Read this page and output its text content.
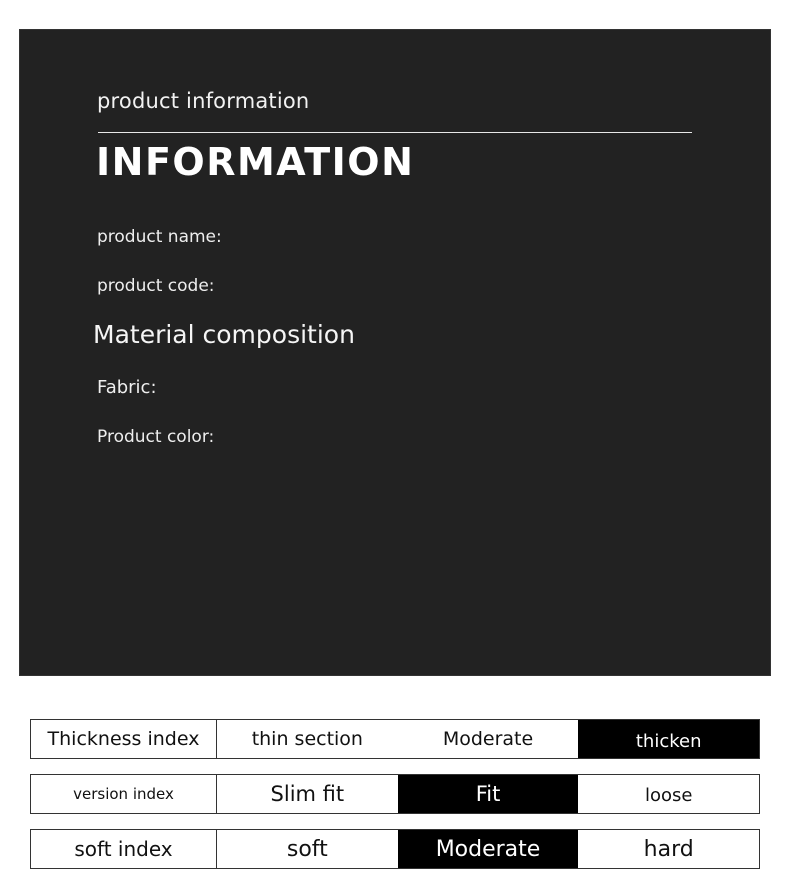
product information
INFORMATION
product name:
product code:
Material composition
Fabric:
Product color:
Thickness index	thin section	Moderate	thicken
version index	Slim fit	Fit	loose
soft index	soft	Moderate	hard
